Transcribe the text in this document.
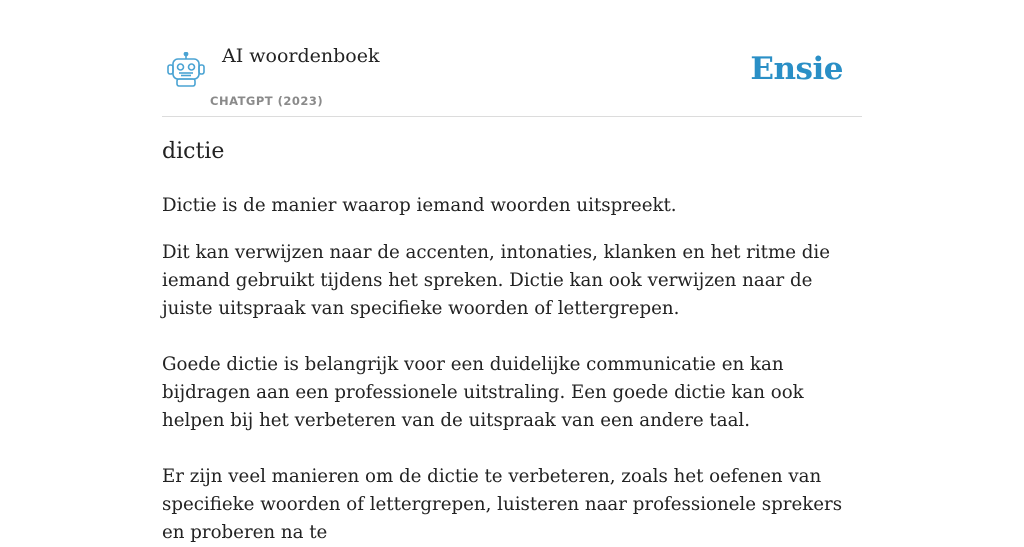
AI woordenboek
CHATGPT (2023)
Ensie
dictie

Dictie is de manier waarop iemand woorden uitspreekt.

Dit kan verwijzen naar de accenten, intonaties, klanken en het ritme die iemand gebruikt tijdens het spreken. Dictie kan ook verwijzen naar de juiste uitspraak van specifieke woorden of lettergrepen.

Goede dictie is belangrijk voor een duidelijke communicatie en kan bijdragen aan een professionele uitstraling. Een goede dictie kan ook helpen bij het verbeteren van de uitspraak van een andere taal.

Er zijn veel manieren om de dictie te verbeteren, zoals het oefenen van specifieke woorden of lettergrepen, luisteren naar professionele sprekers en proberen na te
